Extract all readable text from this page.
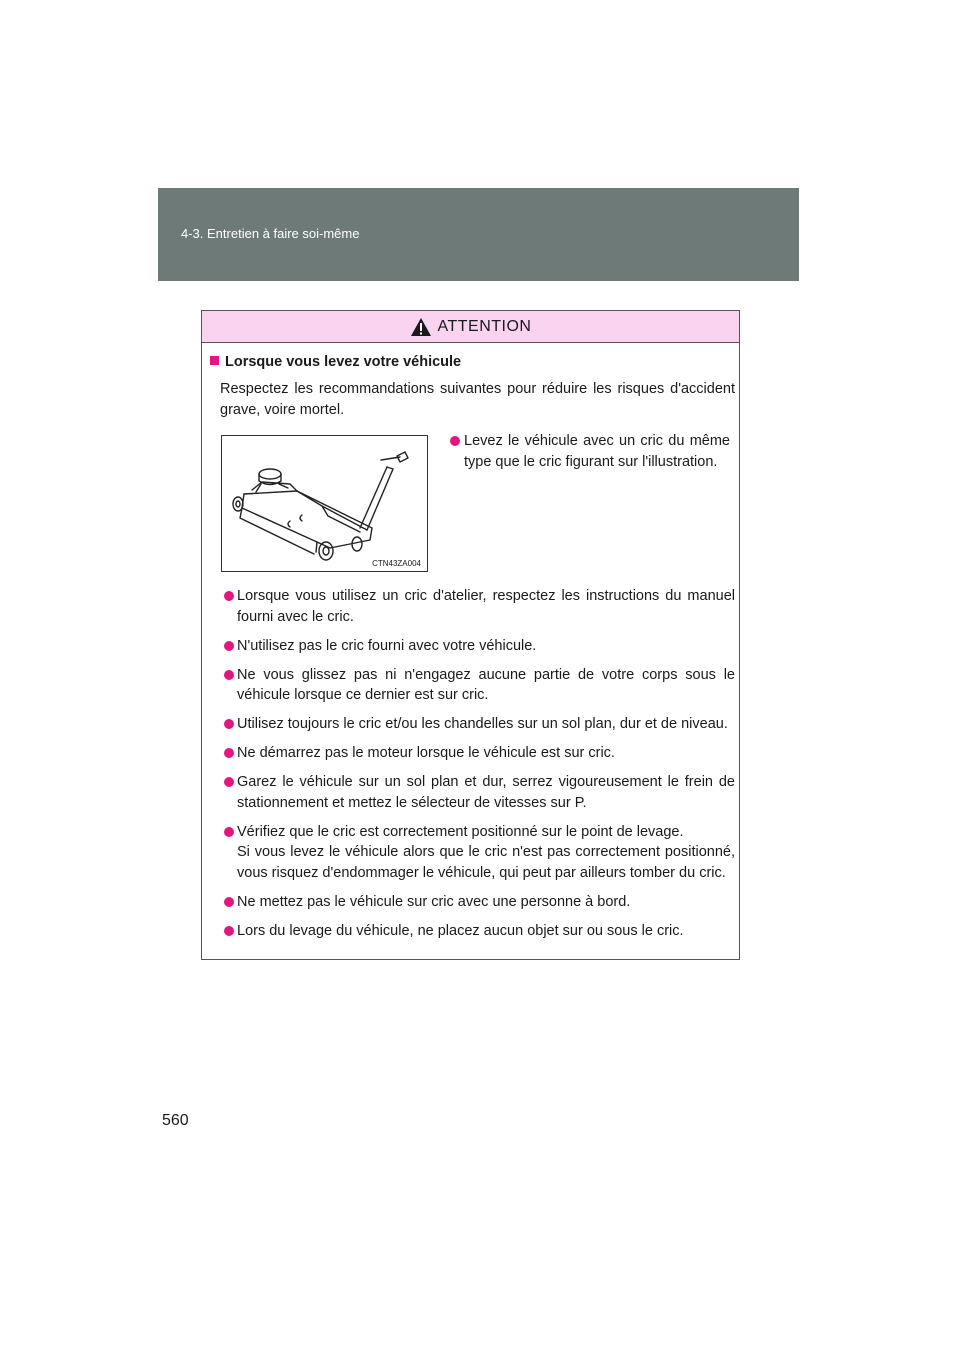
4-3. Entretien à faire soi-même
ATTENTION
Lorsque vous levez votre véhicule
Respectez les recommandations suivantes pour réduire les risques d'accident grave, voire mortel.
CTN43ZA004
Levez le véhicule avec un cric du même type que le cric figurant sur l'illustration.
Lorsque vous utilisez un cric d'atelier, respectez les instructions du manuel fourni avec le cric.
N'utilisez pas le cric fourni avec votre véhicule.
Ne vous glissez pas ni n'engagez aucune partie de votre corps sous le véhicule lorsque ce dernier est sur cric.
Utilisez toujours le cric et/ou les chandelles sur un sol plan, dur et de niveau.
Ne démarrez pas le moteur lorsque le véhicule est sur cric.
Garez le véhicule sur un sol plan et dur, serrez vigoureusement le frein de stationnement et mettez le sélecteur de vitesses sur P.
Vérifiez que le cric est correctement positionné sur le point de levage.
Si vous levez le véhicule alors que le cric n'est pas correctement positionné, vous risquez d'endommager le véhicule, qui peut par ailleurs tomber du cric.
Ne mettez pas le véhicule sur cric avec une personne à bord.
Lors du levage du véhicule, ne placez aucun objet sur ou sous le cric.
560
